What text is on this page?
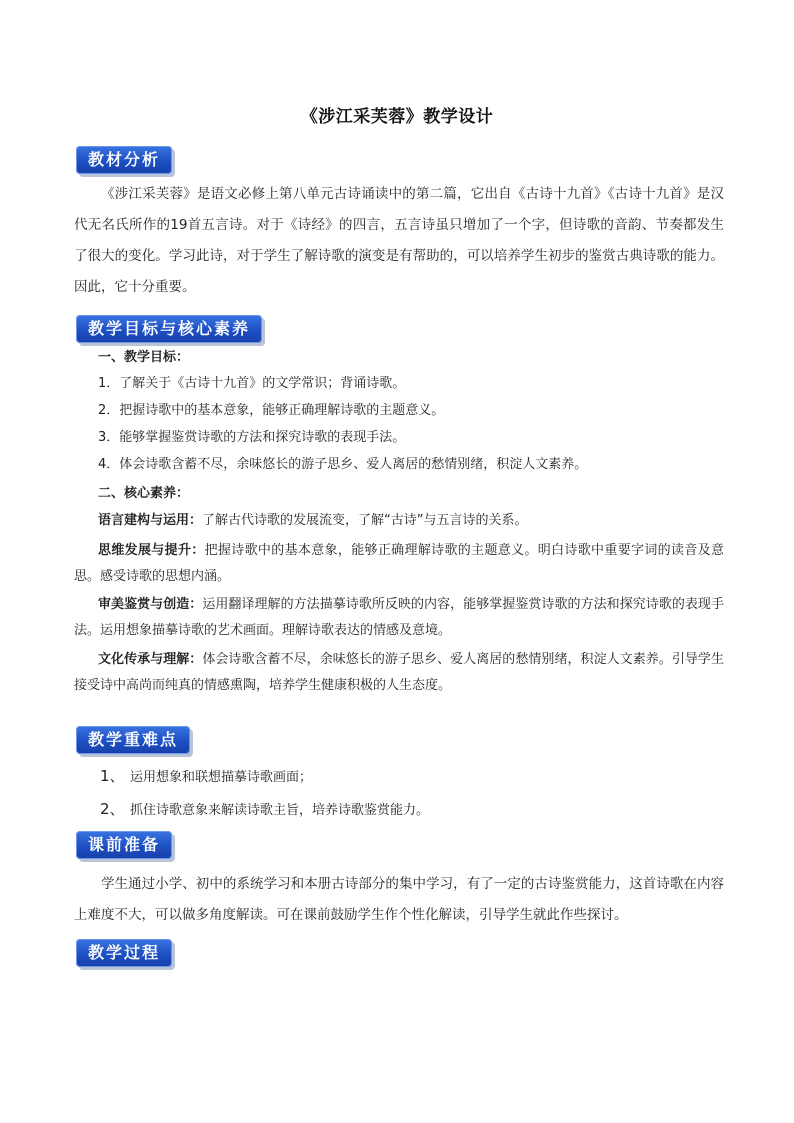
《涉江采芙蓉》教学设计
教材分析

《涉江采芙蓉》是语文必修上第八单元古诗诵读中的第二篇，它出自《古诗十九首》《古诗十九首》是汉代无名氏所作的19首五言诗。对于《诗经》的四言，五言诗虽只增加了一个字，但诗歌的音韵、节奏都发生了很大的变化。学习此诗，对于学生了解诗歌的演变是有帮助的，可以培养学生初步的鉴赏古典诗歌的能力。因此，它十分重要。

教学目标与核心素养
一、教学目标：
1．了解关于《古诗十九首》的文学常识；背诵诗歌。
2．把握诗歌中的基本意象，能够正确理解诗歌的主题意义。
3．能够掌握鉴赏诗歌的方法和探究诗歌的表现手法。
4．体会诗歌含蓄不尽，余味悠长的游子思乡、爱人离居的愁情别绪，积淀人文素养。
二、核心素养：

语言建构与运用：了解古代诗歌的发展流变，了解“古诗”与五言诗的关系。

思维发展与提升：把握诗歌中的基本意象，能够正确理解诗歌的主题意义。明白诗歌中重要字词的读音及意思。感受诗歌的思想内涵。

审美鉴赏与创造：运用翻译理解的方法描摹诗歌所反映的内容，能够掌握鉴赏诗歌的方法和探究诗歌的表现手法。运用想象描摹诗歌的艺术画面。理解诗歌表达的情感及意境。

文化传承与理解：体会诗歌含蓄不尽，余味悠长的游子思乡、爱人离居的愁情别绪，积淀人文素养。引导学生接受诗中高尚而纯真的情感熏陶，培养学生健康积极的人生态度。

教学重难点
1、 运用想象和联想描摹诗歌画面；
2、 抓住诗歌意象来解读诗歌主旨，培养诗歌鉴赏能力。
课前准备

学生通过小学、初中的系统学习和本册古诗部分的集中学习，有了一定的古诗鉴赏能力，这首诗歌在内容上难度不大，可以做多角度解读。可在课前鼓励学生作个性化解读，引导学生就此作些探讨。

教学过程
